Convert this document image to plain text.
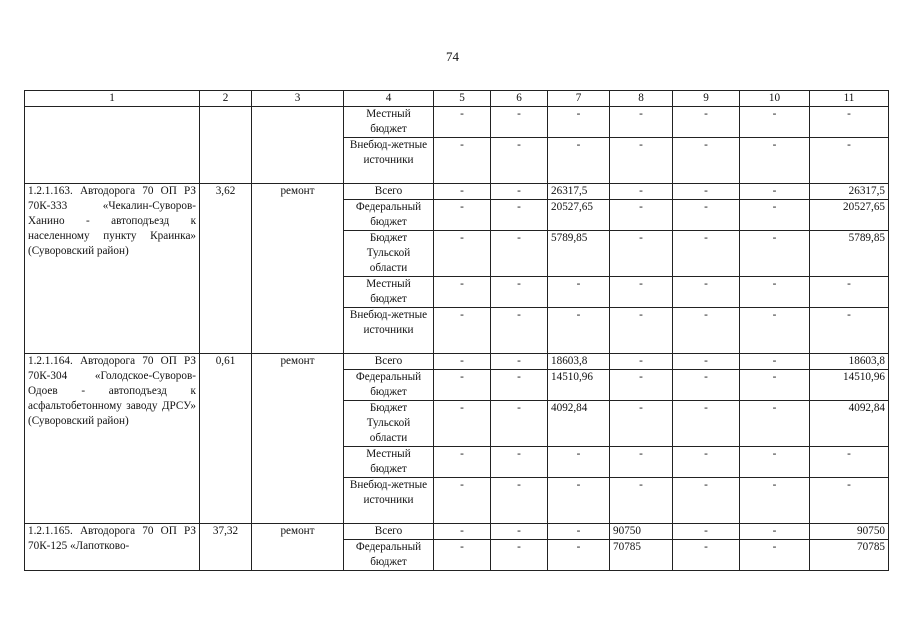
74
1	2	3	4	5	6	7	8	9	10	11
			Местный бюджет	-	-	-	-	-	-	-
			Внебюд-жетные источники	-	-	-	-	-	-	-
1.2.1.163. Автодорога 70 ОП РЗ 70К-333 «Чекалин-Суворов-Ханино - автоподъезд к населенному пункту Краинка» (Суворовский район)	3,62	ремонт	Всего	-	-	26317,5	-	-	-	26317,5
			Федеральный бюджет	-	-	20527,65	-	-	-	20527,65
			Бюджет Тульской области	-	-	5789,85	-	-	-	5789,85
			Местный бюджет	-	-	-	-	-	-	-
			Внебюд-жетные источники	-	-	-	-	-	-	-
1.2.1.164. Автодорога 70 ОП РЗ 70К-304 «Голодское-Суворов-Одоев - автоподъезд к асфальтобетонному заводу ДРСУ» (Суворовский район)	0,61	ремонт	Всего	-	-	18603,8	-	-	-	18603,8
			Федеральный бюджет	-	-	14510,96	-	-	-	14510,96
			Бюджет Тульской области	-	-	4092,84	-	-	-	4092,84
			Местный бюджет	-	-	-	-	-	-	-
			Внебюд-жетные источники	-	-	-	-	-	-	-
1.2.1.165. Автодорога 70 ОП РЗ 70К-125 «Лапотково-	37,32	ремонт	Всего	-	-	-	90750	-	-	90750
			Федеральный бюджет	-	-	-	70785	-	-	70785
